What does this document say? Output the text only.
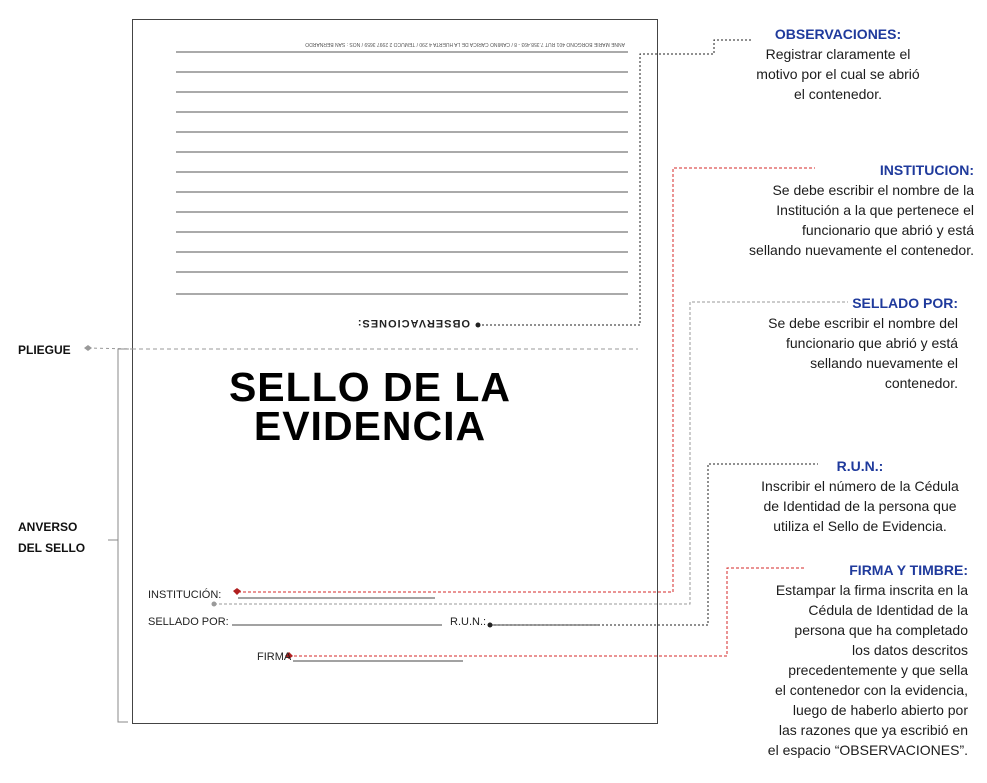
ANNE MARIE BORGOÑO 401 RUT 7.358.493 - 8 / CAMINO CARICA DE LA HUERTA 4 290 / TEMUCO 2 2997 3659 / NOS : SAN BERNARDO
OBSERVACIONES:
SELLO DE LA
EVIDENCIA
INSTITUCIÓN:
SELLADO POR:	R.U.N.:
FIRMA
PLIEGUE
ANVERSO
DEL SELLO
OBSERVACIONES:
Registrar claramente el
motivo por el cual se abrió
el contenedor.
INSTITUCION:
Se debe escribir el nombre de la
Institución a la que pertenece el
funcionario que abrió y está
sellando nuevamente el contenedor.
SELLADO POR:
Se debe escribir el nombre del
funcionario que abrió y está
sellando nuevamente el
contenedor.
R.U.N.:
Inscribir el número de la Cédula
de Identidad de la persona que
utiliza el Sello de Evidencia.
FIRMA Y TIMBRE:
Estampar la firma inscrita en la
Cédula de Identidad de la
persona que ha completado
los datos descritos
precedentemente y que sella
el contenedor con la evidencia,
luego de haberlo abierto por
las razones que ya escribió en
el espacio “OBSERVACIONES”.
